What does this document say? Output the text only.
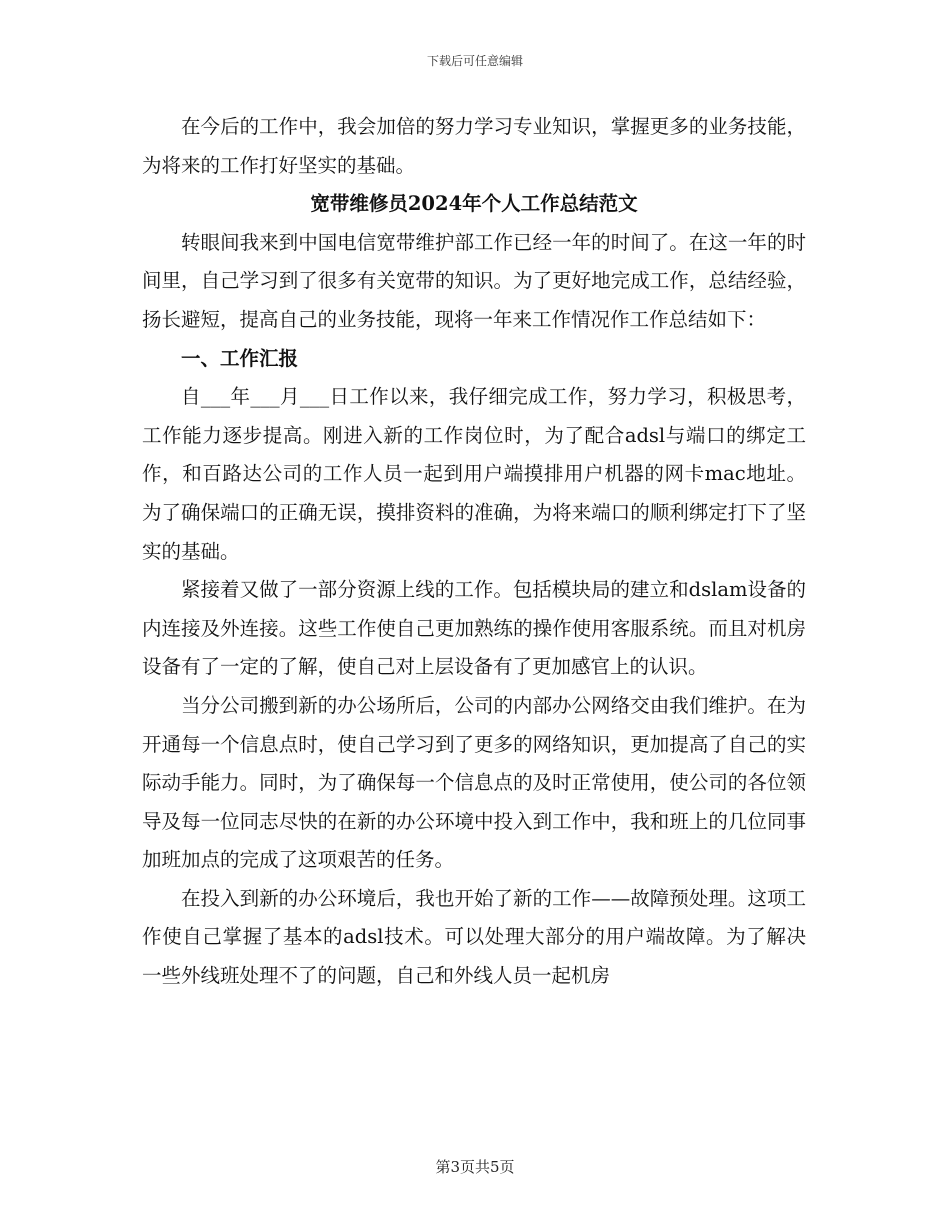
下载后可任意编辑

在今后的工作中，我会加倍的努力学习专业知识，掌握更多的业务技能，为将来的工作打好坚实的基础。

宽带维修员2024年个人工作总结范文

转眼间我来到中国电信宽带维护部工作已经一年的时间了。在这一年的时间里，自己学习到了很多有关宽带的知识。为了更好地完成工作，总结经验，扬长避短，提高自己的业务技能，现将一年来工作情况作工作总结如下：

一、工作汇报

自___年___月___日工作以来，我仔细完成工作，努力学习，积极思考，工作能力逐步提高。刚进入新的工作岗位时，为了配合adsl与端口的绑定工作，和百路达公司的工作人员一起到用户端摸排用户机器的网卡mac地址。为了确保端口的正确无误，摸排资料的准确，为将来端口的顺利绑定打下了坚实的基础。

紧接着又做了一部分资源上线的工作。包括模块局的建立和dslam设备的内连接及外连接。这些工作使自己更加熟练的操作使用客服系统。而且对机房设备有了一定的了解，使自己对上层设备有了更加感官上的认识。

当分公司搬到新的办公场所后，公司的内部办公网络交由我们维护。在为开通每一个信息点时，使自己学习到了更多的网络知识，更加提高了自己的实际动手能力。同时，为了确保每一个信息点的及时正常使用，使公司的各位领导及每一位同志尽快的在新的办公环境中投入到工作中，我和班上的几位同事加班加点的完成了这项艰苦的任务。

在投入到新的办公环境后，我也开始了新的工作——故障预处理。这项工作使自己掌握了基本的adsl技术。可以处理大部分的用户端故障。为了解决一些外线班处理不了的问题，自己和外线人员一起机房

第3页共5页
